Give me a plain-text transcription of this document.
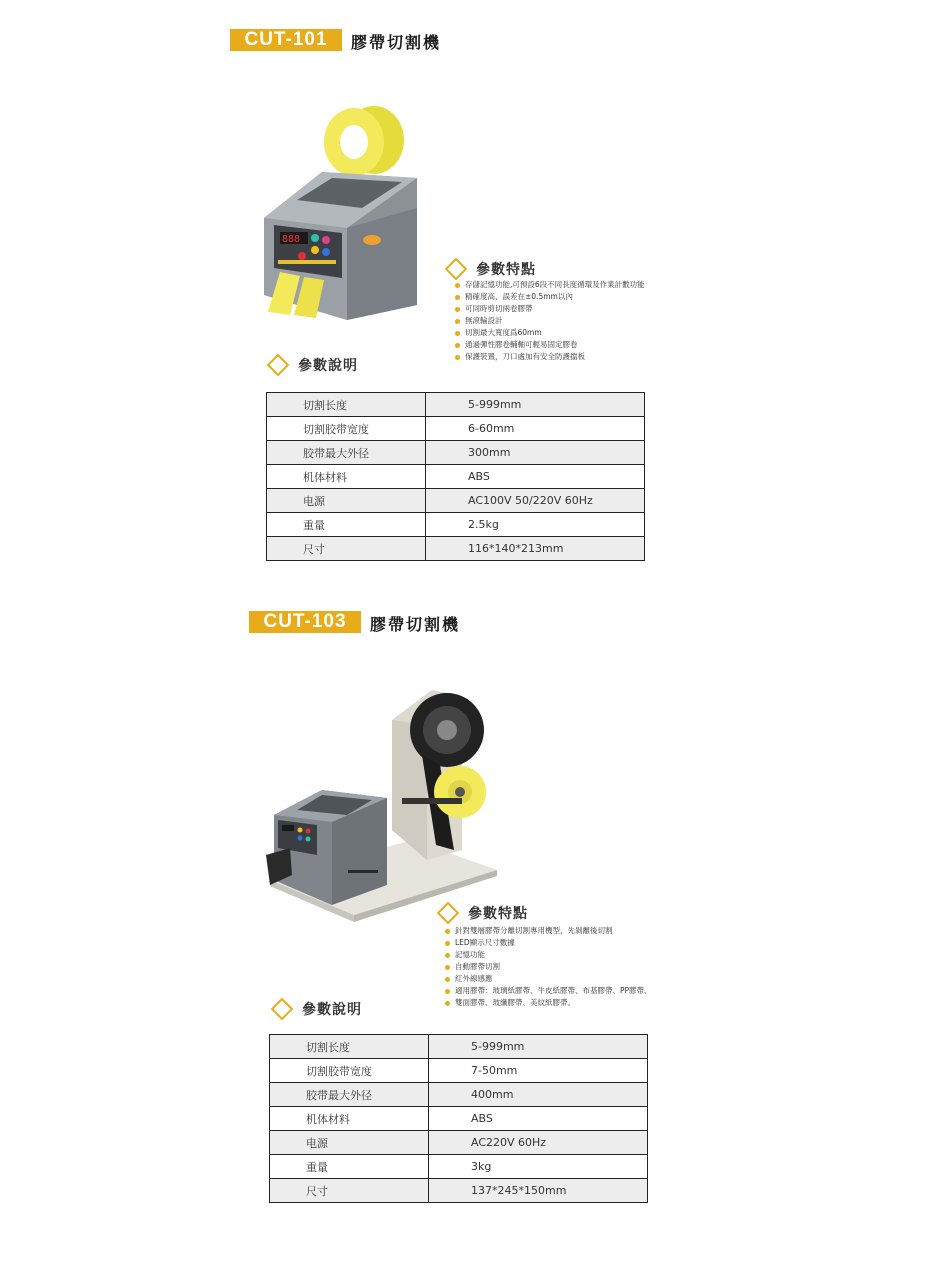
CUT-101	膠帶切割機
888
參數特點
存儲記憶功能,可預設6段不同長度循環及作業計數功能
精確度高，誤差在±0.5mm以內
可同時剪切兩卷膠帶
無滾輪設計
切割最大寬度爲60mm
通過彈性膠卷輔軸可輕易固定膠卷
保護裝置，刀口處加有安全防護擋板
參數說明
切割长度	5-999mm
切割胶带宽度	6-60mm
胶带最大外径	300mm
机体材料	ABS
电源	AC100V 50/220V 60Hz
重量	2.5kg
尺寸	116*140*213mm
CUT-103	膠帶切割機
參數特點
針對雙層膠帶分離切割專用機型，先剝離後切割
LED顯示尺寸數據
記憶功能
自動膠帶切割
紅外線感應
適用膠帶：玻璃紙膠帶、牛皮紙膠帶、布基膠帶、PP膠帶、
雙面膠帶、玻纖膠帶、美紋紙膠帶。
參數說明
切割长度	5-999mm
切割胶带宽度	7-50mm
胶带最大外径	400mm
机体材料	ABS
电源	AC220V 60Hz
重量	3kg
尺寸	137*245*150mm
